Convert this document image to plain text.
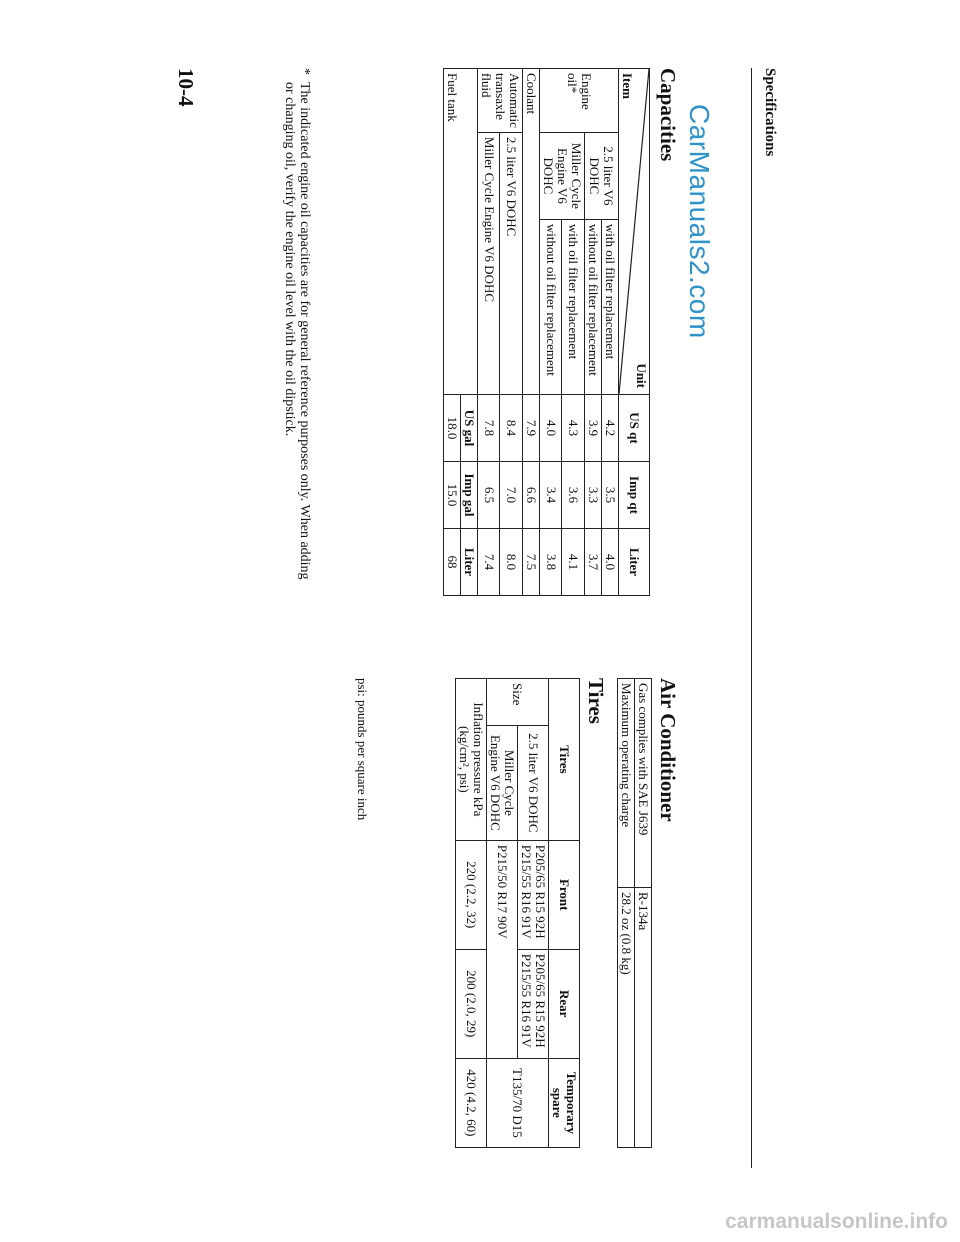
Specifications
CarManuals2.com
Capacities
Unit
Item			US qt	Imp qt	Liter
Engine oil*	2.5 liter V6 DOHC	with oil filter replacement	4.2	3.5	4.0
		without oil filter replacement	3.9	3.3	3.7
	Miller Cycle Engine V6 DOHC	with oil filter replacement	4.3	3.6	4.1
		without oil filter replacement	4.0	3.4	3.8
Coolant			7.9	6.6	7.5
Automatic transaxle fluid	2.5 liter V6 DOHC		8.4	7.0	8.0
	Miller Cycle Engine V6 DOHC		7.8	6.5	7.4
Fuel tank			US gal	Imp gal	Liter
			18.0	15.0	68
*
The indicated engine oil capacities are for general reference purposes only. When adding or changing oil, verify the engine oil level with the oil dipstick.
10-4
Air Conditioner
Gas complies with SAE J639	R-134a
Maximum operating charge	28.2 oz (0.8 kg)
Tires
Tires		Front	Rear	Temporary spare
Size	2.5 liter V6 DOHC	P205/65 R15 92H P215/55 R16 91V	P205/65 R15 92H P215/55 R16 91V	T135/70 D15
	Miller Cycle Engine V6 DOHC	P215/50 R17 90V		
Inflation pressure kPa (kg/cm², psi)		220 (2.2, 32)	200 (2.0, 29)	420 (4.2, 60)
psi: pounds per square inch
carmanualsonline.info
